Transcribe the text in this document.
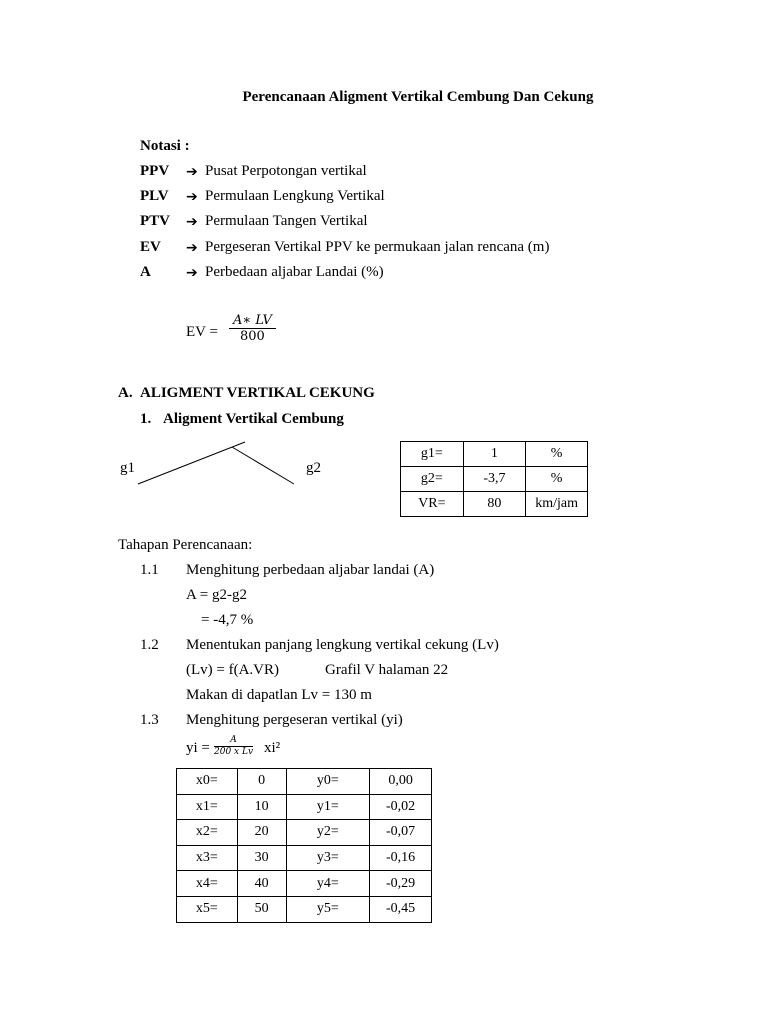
Perencanaan Aligment Vertikal Cembung Dan Cekung
Notasi :
PPV ➔ Pusat Perpotongan vertikal
PLV ➔ Permulaan Lengkung Vertikal
PTV ➔ Permulaan Tangen Vertikal
EV ➔ Pergeseran Vertikal PPV ke permukaan jalan rencana (m)
A	➔ Perbedaan aljabar Landai (%)
EV = $\frac{A∗ LV}{800}$
A. ALIGMENT VERTIKAL CEKUNG
1. Aligment Vertikal Cembung
g1	g2
g1=	1	%
g2=	-3,7	%
VR=	80	km/jam
Tahapan Perencanaan:
1.1 Menghitung perbedaan aljabar landai (A)
A = g2-g2
= -4,7 %
1.2 Menentukan panjang lengkung vertikal cekung (Lv)
(Lv) = f(A.VR)	Grafil V halaman 22
Makan di dapatlan Lv = 130 m
1.3 Menghitung pergeseran vertikal (yi)
yi = $\frac{A}{\text{200 x Lv}} xi^2$
x0=	0	y0=	0,00
x1=	10	y1=	-0,02
x2=	20	y2=	-0,07
x3=	30	y3=	-0,16
x4=	40	y4=	-0,29
x5=	50	y5=	-0,45
